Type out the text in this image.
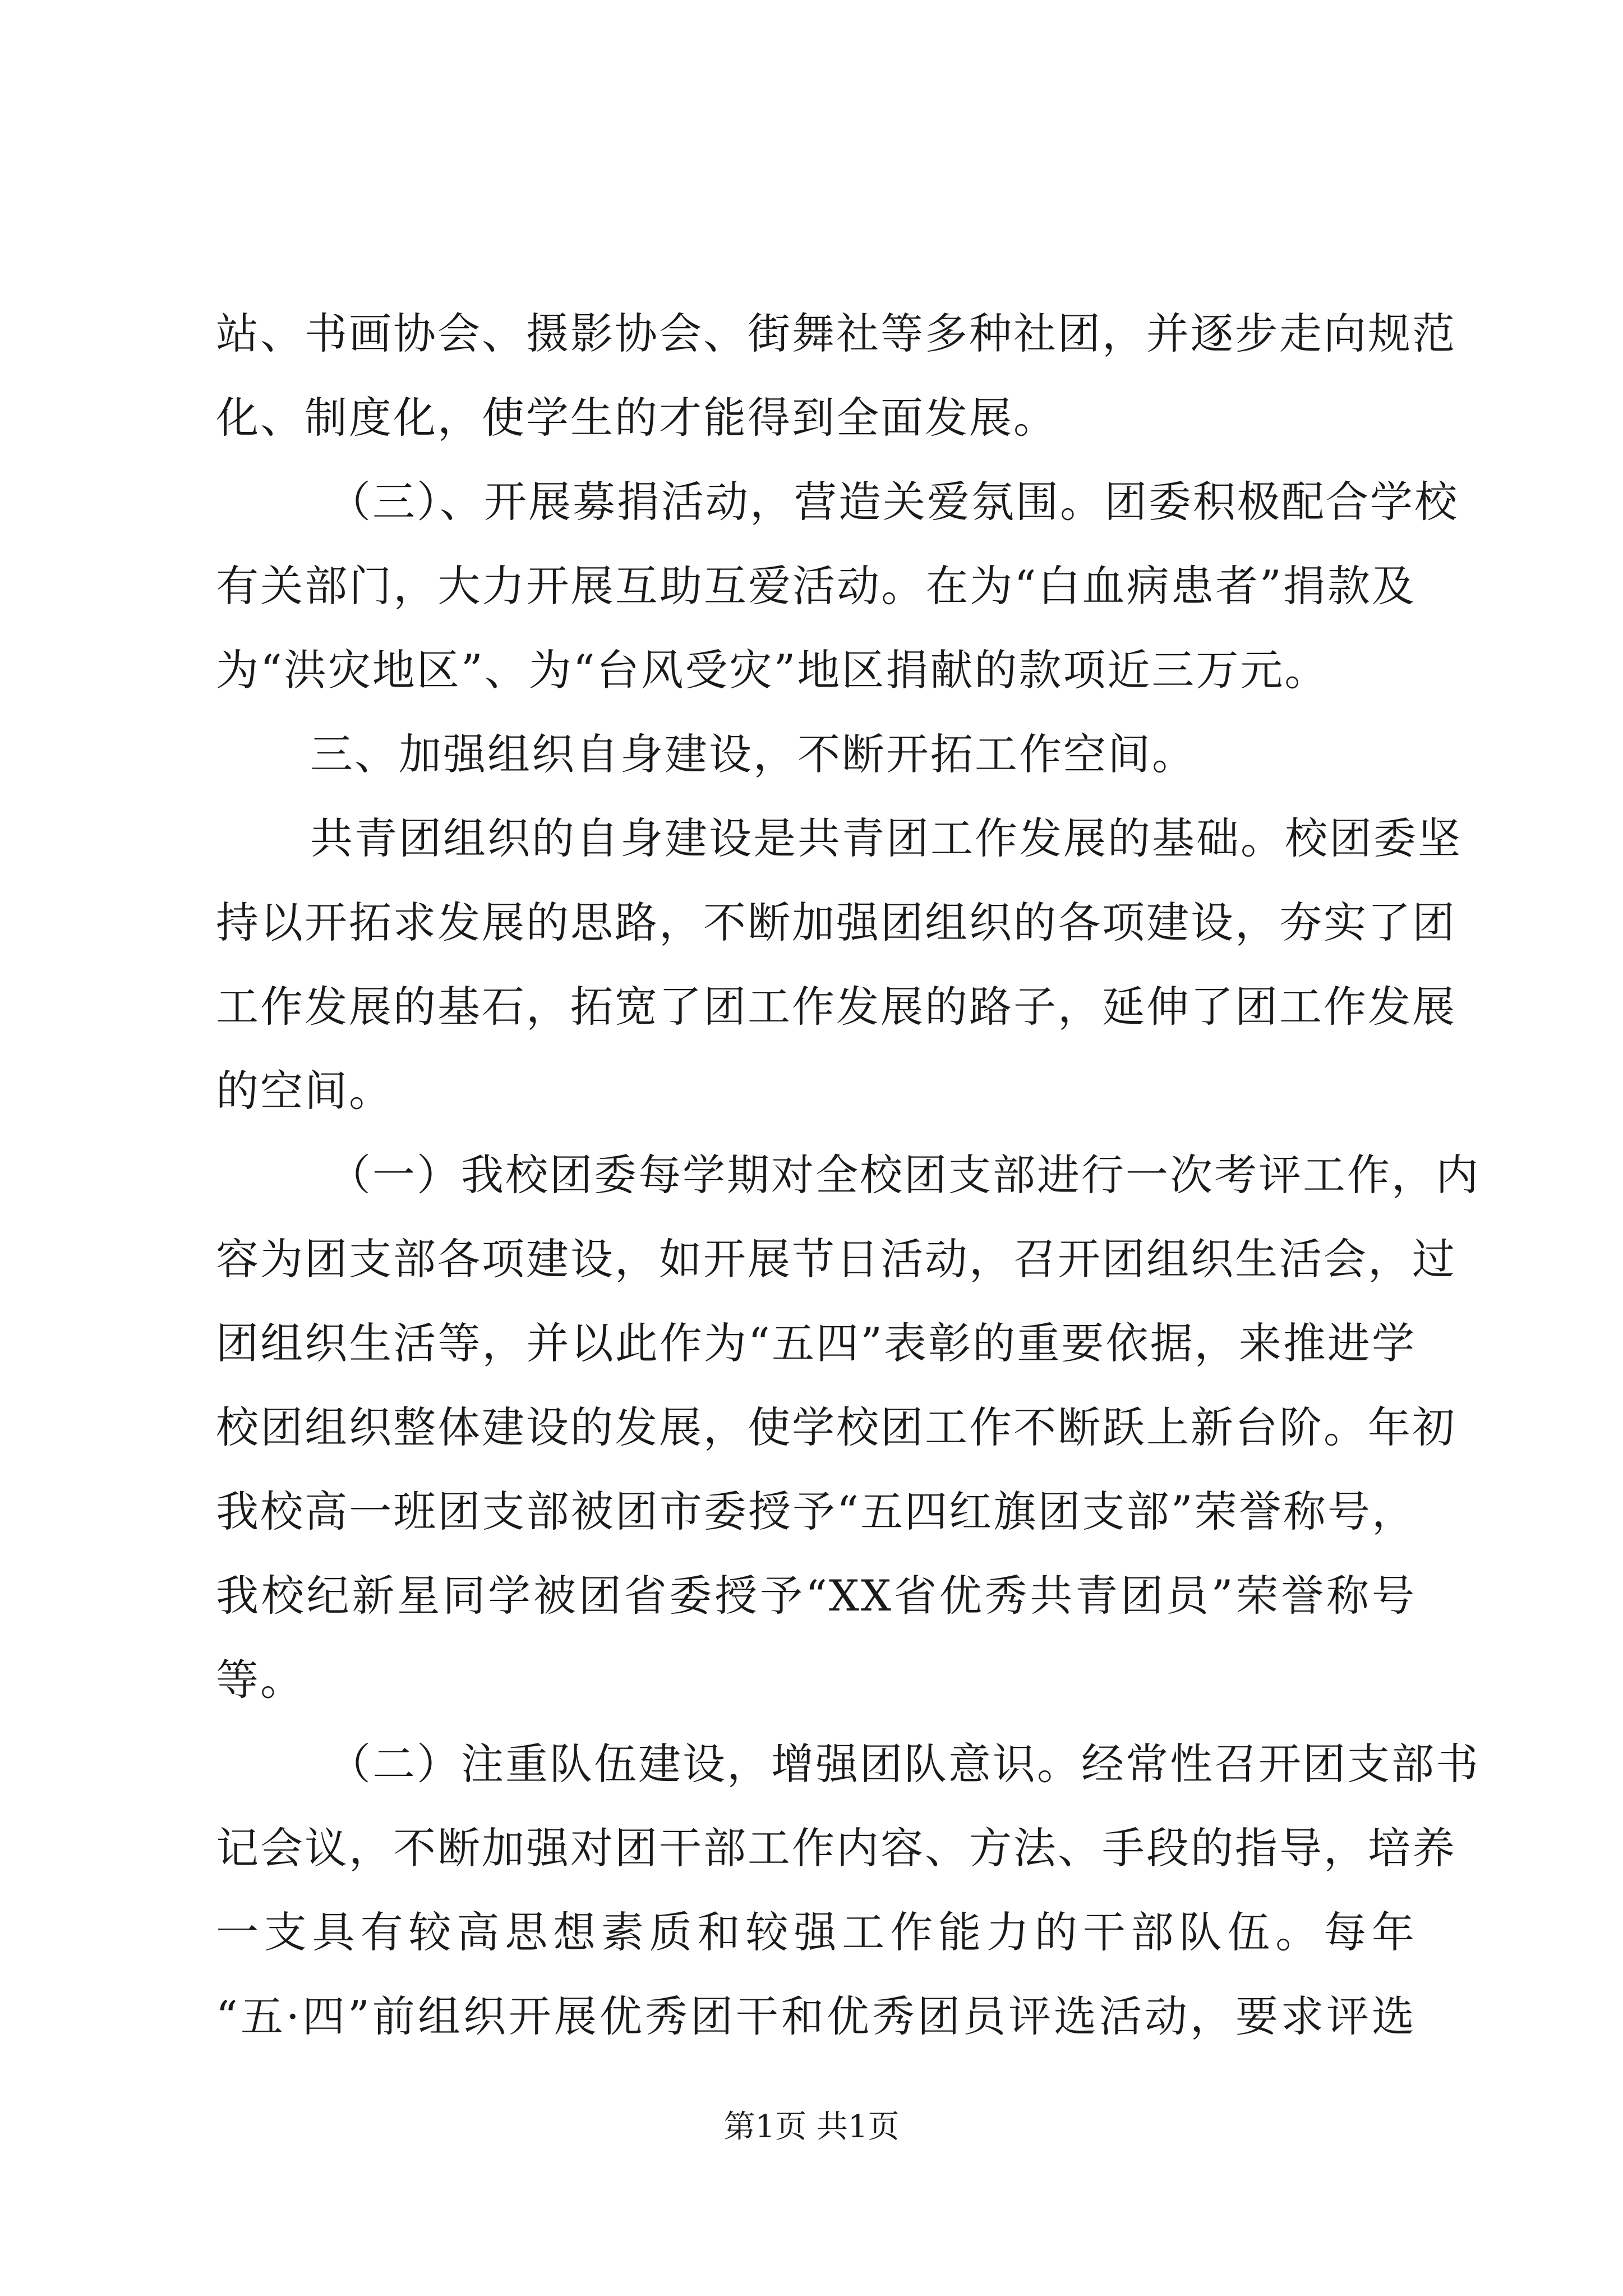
站、书画协会、摄影协会、街舞社等多种社团，并逐步走向规范
化、制度化，使学生的才能得到全面发展。
（三）、开展募捐活动，营造关爱氛围。团委积极配合学校
有关部门，大力开展互助互爱活动。在为“白血病患者”捐款及
为“洪灾地区”、为“台风受灾”地区捐献的款项近三万元。
三、加强组织自身建设，不断开拓工作空间。
共青团组织的自身建设是共青团工作发展的基础。校团委坚
持以开拓求发展的思路，不断加强团组织的各项建设，夯实了团
工作发展的基石，拓宽了团工作发展的路子，延伸了团工作发展
的空间。
（一）我校团委每学期对全校团支部进行一次考评工作，内
容为团支部各项建设，如开展节日活动，召开团组织生活会，过
团组织生活等，并以此作为“五四”表彰的重要依据，来推进学
校团组织整体建设的发展，使学校团工作不断跃上新台阶。年初
我校高一班团支部被团市委授予“五四红旗团支部”荣誉称号，
我校纪新星同学被团省委授予“XX省优秀共青团员”荣誉称号
等。
（二）注重队伍建设，增强团队意识。经常性召开团支部书
记会议，不断加强对团干部工作内容、方法、手段的指导，培养
一支具有较高思想素质和较强工作能力的干部队伍。每年
“五·四”前组织开展优秀团干和优秀团员评选活动，要求评选
第1页 共1页
